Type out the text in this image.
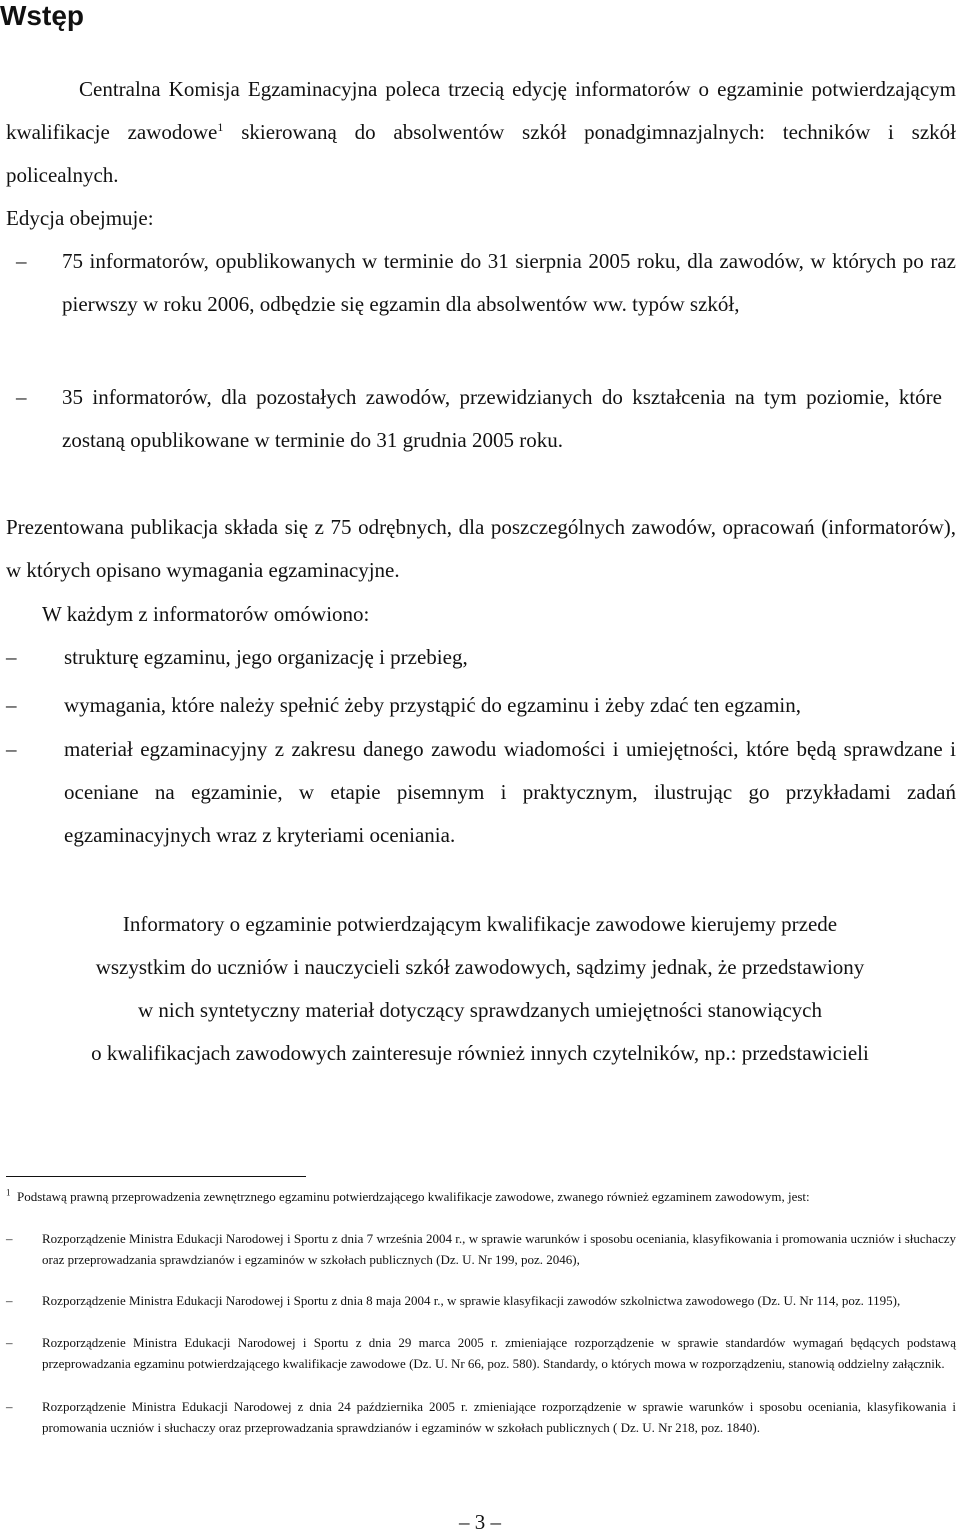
Wstęp

Centralna Komisja Egzaminacyjna poleca trzecią edycję informatorów o egzaminie potwierdzającym kwalifikacje zawodowe$^1$ skierowaną do absolwentów szkół ponadgimnazjalnych: techników i szkół policealnych.

Edycja obejmuje:

– 75 informatorów, opublikowanych w terminie do 31 sierpnia 2005 roku, dla zawodów, w których po raz pierwszy w roku 2006, odbędzie się egzamin dla absolwentów ww. typów szkół,
– 35 informatorów, dla pozostałych zawodów, przewidzianych do kształcenia na tym poziomie, które zostaną opublikowane w terminie do 31 grudnia 2005 roku.

Prezentowana publikacja składa się z 75 odrębnych, dla poszczególnych zawodów, opracowań (informatorów), w których opisano wymagania egzaminacyjne.

W każdym z informatorów omówiono:

– strukturę egzaminu, jego organizację i przebieg,
– wymagania, które należy spełnić żeby przystąpić do egzaminu i żeby zdać ten egzamin,
– materiał egzaminacyjny z zakresu danego zawodu wiadomości i umiejętności, które będą sprawdzane i oceniane na egzaminie, w etapie pisemnym i praktycznym, ilustrując go przykładami zadań egzaminacyjnych wraz z kryteriami oceniania.
Informatory o egzaminie potwierdzającym kwalifikacje zawodowe kierujemy przede
wszystkim do uczniów i nauczycieli szkół zawodowych, sądzimy jednak, że przedstawiony
w nich syntetyczny materiał dotyczący sprawdzanych umiejętności stanowiących
o kwalifikacjach zawodowych zainteresuje również innych czytelników, np.: przedstawicieli

$^1$ Podstawą prawną przeprowadzenia zewnętrznego egzaminu potwierdzającego kwalifikacje zawodowe, zwanego również egzaminem zawodowym, jest:

– Rozporządzenie Ministra Edukacji Narodowej i Sportu z dnia 7 września 2004 r., w sprawie warunków i sposobu oceniania, klasyfikowania i promowania uczniów i słuchaczy oraz przeprowadzania sprawdzianów i egzaminów w szkołach publicznych (Dz. U. Nr 199, poz. 2046),
– Rozporządzenie Ministra Edukacji Narodowej i Sportu z dnia 8 maja 2004 r., w sprawie klasyfikacji zawodów szkolnictwa zawodowego (Dz. U. Nr 114, poz. 1195),
– Rozporządzenie Ministra Edukacji Narodowej i Sportu z dnia 29 marca 2005 r. zmieniające rozporządzenie w sprawie standardów wymagań będących podstawą przeprowadzania egzaminu potwierdzającego kwalifikacje zawodowe (Dz. U. Nr 66, poz. 580). Standardy, o których mowa w rozporządzeniu, stanowią oddzielny załącznik.
– Rozporządzenie Ministra Edukacji Narodowej z dnia 24 października 2005 r. zmieniające rozporządzenie w sprawie warunków i sposobu oceniania, klasyfikowania i promowania uczniów i słuchaczy oraz przeprowadzania sprawdzianów i egzaminów w szkołach publicznych ( Dz. U. Nr 218, poz. 1840).
– 3 –
